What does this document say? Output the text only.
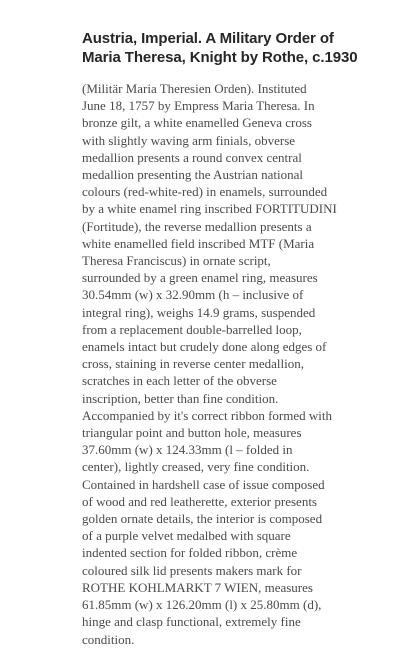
Austria, Imperial. A Military Order of
Maria Theresa, Knight by Rothe, c.1930
(Militär Maria Theresien Orden). Instituted
June 18, 1757 by Empress Maria Theresa. In
bronze gilt, a white enamelled Geneva cross
with slightly waving arm finials, obverse
medallion presents a round convex central
medallion presenting the Austrian national
colours (red-white-red) in enamels, surrounded
by a white enamel ring inscribed FORTITUDINI
(Fortitude), the reverse medallion presents a
white enamelled field inscribed MTF (Maria
Theresa Franciscus) in ornate script,
surrounded by a green enamel ring, measures
30.54mm (w) x 32.90mm (h – inclusive of
integral ring), weighs 14.9 grams, suspended
from a replacement double-barrelled loop,
enamels intact but crudely done along edges of
cross, staining in reverse center medallion,
scratches in each letter of the obverse
inscription, better than fine condition.
Accompanied by it's correct ribbon formed with
triangular point and button hole, measures
37.60mm (w) x 124.33mm (l – folded in
center), lightly creased, very fine condition.
Contained in hardshell case of issue composed
of wood and red leatherette, exterior presents
golden ornate details, the interior is composed
of a purple velvet medalbed with square
indented section for folded ribbon, crème
coloured silk lid presents makers mark for
ROTHE KOHLMARKT 7 WIEN, measures
61.85mm (w) x 126.20mm (l) x 25.80mm (d),
hinge and clasp functional, extremely fine
condition.
